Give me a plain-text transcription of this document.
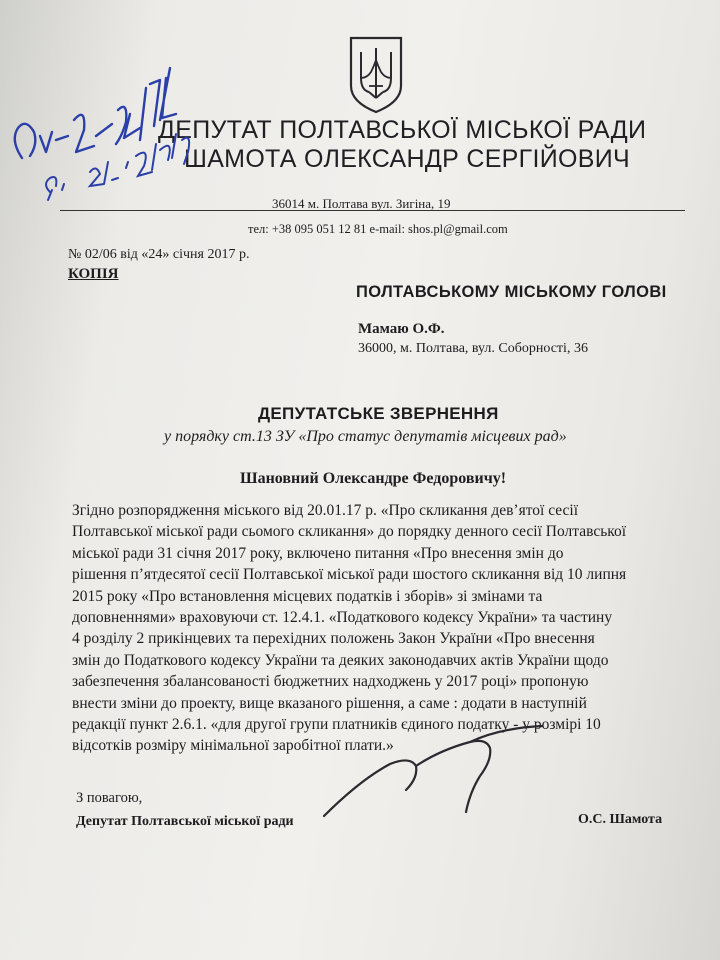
ДЕПУТАТ ПОЛТАВСЬКОЇ МІСЬКОЇ РАДИ
ШАМОТА ОЛЕКСАНДР СЕРГІЙОВИЧ
36014 м. Полтава вул. Зигіна, 19
тел: +38 095 051 12 81 e-mail: shos.pl@gmail.com
№ 02/06 від «24» січня 2017 р.
КОПІЯ
ПОЛТАВСЬКОМУ МІСЬКОМУ ГОЛОВІ
Мамаю О.Ф.
36000, м. Полтава, вул. Соборності, 36
ДЕПУТАТСЬКЕ ЗВЕРНЕННЯ
у порядку ст.13 ЗУ «Про статус депутатів місцевих рад»
Шановний Олександре Федоровичу!
Згідно розпорядження міського від 20.01.17 р. «Про скликання дев’ятої сесії
Полтавської міської ради сьомого скликання» до порядку денного сесії Полтавської
міської ради 31 січня 2017 року, включено питання «Про внесення змін до
рішення п’ятдесятої сесії Полтавської міської ради шостого скликання від 10 липня
2015 року «Про встановлення місцевих податків і зборів» зі змінами та
доповненнями» враховуючи ст. 12.4.1. «Податкового кодексу України» та частину
4 розділу 2 прикінцевих та перехідних положень Закон України «Про внесення
змін до Податкового кодексу України та деяких законодавчих актів України щодо
забезпечення збалансованості бюджетних надходжень у 2017 році» пропоную
внести зміни до проекту, вище вказаного рішення, а саме : додати в наступній
редакції пункт 2.6.1. «для другої групи платників єдиного податку - у розмірі 10
відсотків розміру мінімальної заробітної плати.»
З повагою,
Депутат Полтавської міської ради	О.С. Шамота
